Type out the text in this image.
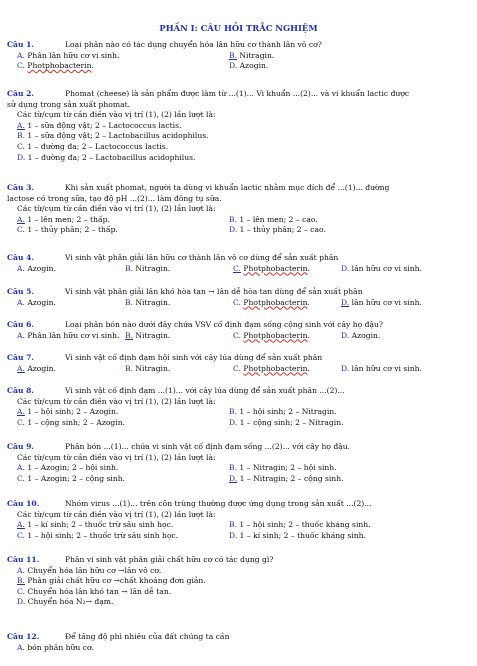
PHẦN I: CÂU HỎI TRẮC NGHIỆM
Câu 1.	Loại phân nào có tác dụng chuyển hóa lân hữu cơ thành lân vô cơ?
A. Phân lân hữu cơ vi sinh.	B. Nitragin.
C. Photphobacterin.	D. Azogin.
Câu 2.	Phomat (cheese) là sản phẩm được làm từ ...(1)... Vi khuẩn ...(2)... và vi khuẩn lactic được
sử dụng trong sản xuất phomat.
Các từ/cụm từ cần điền vào vị trí (1), (2) lần lượt là:
A. 1 – sữa động vật; 2 – Lactococcus lactis.
B. 1 – sữa động vật; 2 – Lactobacillus acidophilus.
C. 1 – đường đa; 2 – Lactococcus lactis.
D. 1 – đường đa; 2 – Lactobacillus acidophilus.
Câu 3.	Khi sản xuất phomat, người ta dùng vi khuẩn lactic nhằm mục đích để ...(1)... đường
lactose có trong sữa, tạo độ pH ...(2)... làm đông tụ sữa.
Các từ/cụm từ cần điền vào vị trí (1), (2) lần lượt là:
A. 1 – lên men; 2 – thấp.	B. 1 – lên men; 2 – cao.
C. 1 – thủy phân; 2 – thấp.	D. 1 – thủy phân; 2 – cao.
Câu 4.	Vi sinh vật phân giải lân hữu cơ thành lân vô cơ dùng để sản xuất phân
A. Azogin.	B. Nitragin.	C. Photphobacterin.	D. lân hữu cơ vi sinh.
Câu 5.	Vi sinh vật phân giải lân khó hòa tan → lân dễ hòa tan dùng để sản xuất phân
A. Azogin.	B. Nitragin.	C. Photphobacterin.	D. lân hữu cơ vi sinh.
Câu 6.	Loại phân bón nào dưới đây chứa VSV cố định đạm sống cộng sinh với cây họ đậu?
A. Phân lân hữu cơ vi sinh. B. Nitragin.	C. Photphobacterin.	D. Azogin.
Câu 7.	Vi sinh vật cố định đạm hội sinh với cây lúa dùng để sản xuất phân
A. Azogin.	B. Nitragin.	C. Photphobacterin.	D. lân hữu cơ vi sinh.
Câu 8.	Vi sinh vật cố định đạm ...(1)... với cây lúa dùng để sản xuất phân ...(2)...
Các từ/cụm từ cần điền vào vị trí (1), (2) lần lượt là:
A. 1 – hội sinh; 2 – Azogin.	B. 1 – hội sinh; 2 – Nitragin.
C. 1 – cộng sinh; 2 – Azogin.	D. 1 – cộng sinh; 2 – Nitragin.
Câu 9.	Phân bón ...(1)... chứa vi sinh vật cố định đạm sống ...(2)... với cây họ đậu.
Các từ/cụm từ cần điền vào vị trí (1), (2) lần lượt là:
A. 1 – Azogin; 2 – hội sinh.	B. 1 – Nitragin; 2 – hội sinh.
C. 1 – Azogin; 2 – cộng sinh.	D. 1 – Nitragin; 2 – cộng sinh.
Câu 10.	Nhóm virus ...(1)... trên côn trùng thường được ứng dụng trong sản xuất ...(2)...
Các từ/cụm từ cần điền vào vị trí (1), (2) lần lượt là:
A. 1 – kí sinh; 2 – thuốc trừ sâu sinh học.	B. 1 – hội sinh; 2 – thuốc kháng sinh.
C. 1 – hội sinh; 2 – thuốc trừ sâu sinh học.	D. 1 – kí sinh; 2 – thuốc kháng sinh.
Câu 11.	Phân vi sinh vật phân giải chất hữu cơ có tác dụng gì?
A. Chuyển hóa lân hữu cơ →lân vô cơ.
B. Phân giải chất hữu cơ →chất khoáng đơn giản.
C. Chuyển hóa lân khó tan → lân dễ tan.
D. Chuyển hóa N₂→ đạm.
Câu 12.	Để tăng độ phì nhiêu của đất chúng ta cần
A. bón phân hữu cơ.
